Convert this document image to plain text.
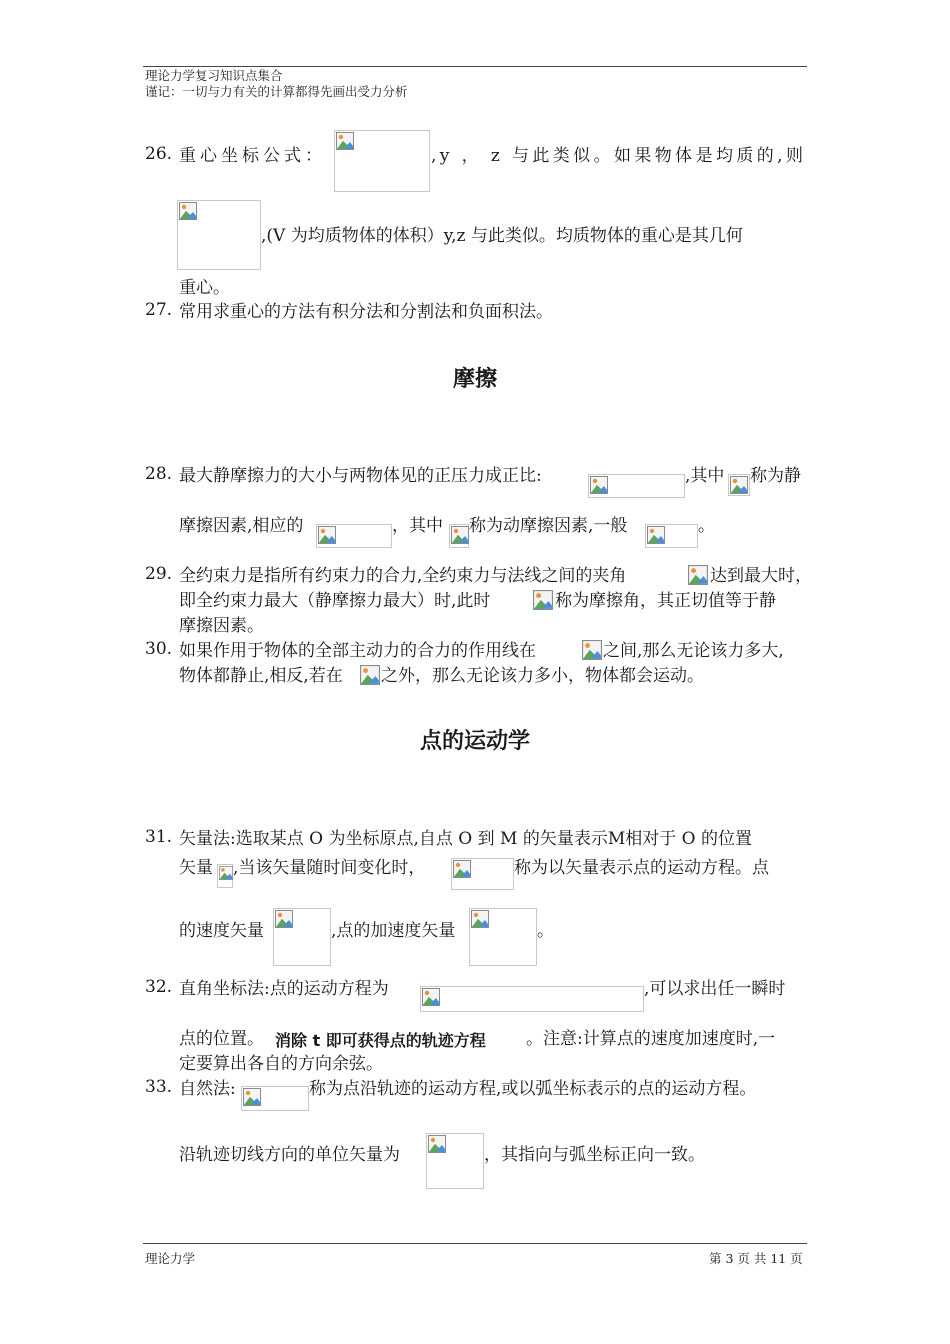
理论力学复习知识点集合
谨记：一切与力有关的计算都得先画出受力分析
26. 重心坐标公式：	,y ， z 与此类似。如果物体是均质的,则
,(V 为均质物体的体积）y,z 与此类似。均质物体的重心是其几何
重心。
27. 常用求重心的方法有积分法和分割法和负面积法。
摩擦
28. 最大静摩擦力的大小与两物体见的正压力成正比:	,其中 称为静
摩擦因素,相应的	，其中 称为动摩擦因素,一般	。
29. 全约束力是指所有约束力的合力,全约束力与法线之间的夹角	达到最大时，
即全约束力最大（静摩擦力最大）时,此时	称为摩擦角，其正切值等于静
摩擦因素。
30. 如果作用于物体的全部主动力的合力的作用线在	之间,那么无论该力多大,
物体都静止,相反,若在 之外，那么无论该力多小，物体都会运动。
点的运动学
31. 矢量法:选取某点 O 为坐标原点,自点 O 到 M 的矢量表示M相对于 O 的位置
矢量 ,当该矢量随时间变化时，	称为以矢量表示点的运动方程。点
的速度矢量	,点的加速度矢量	。
32. 直角坐标法:点的运动方程为	,可以求出任一瞬时
点的位置。 消除 t 即可获得点的轨迹方程 。注意:计算点的速度加速度时,一
定要算出各自的方向余弦。
33. 自然法:	称为点沿轨迹的运动方程,或以弧坐标表示的点的运动方程。
沿轨迹切线方向的单位矢量为	，其指向与弧坐标正向一致。
理论力学	第 3 页 共 11 页
